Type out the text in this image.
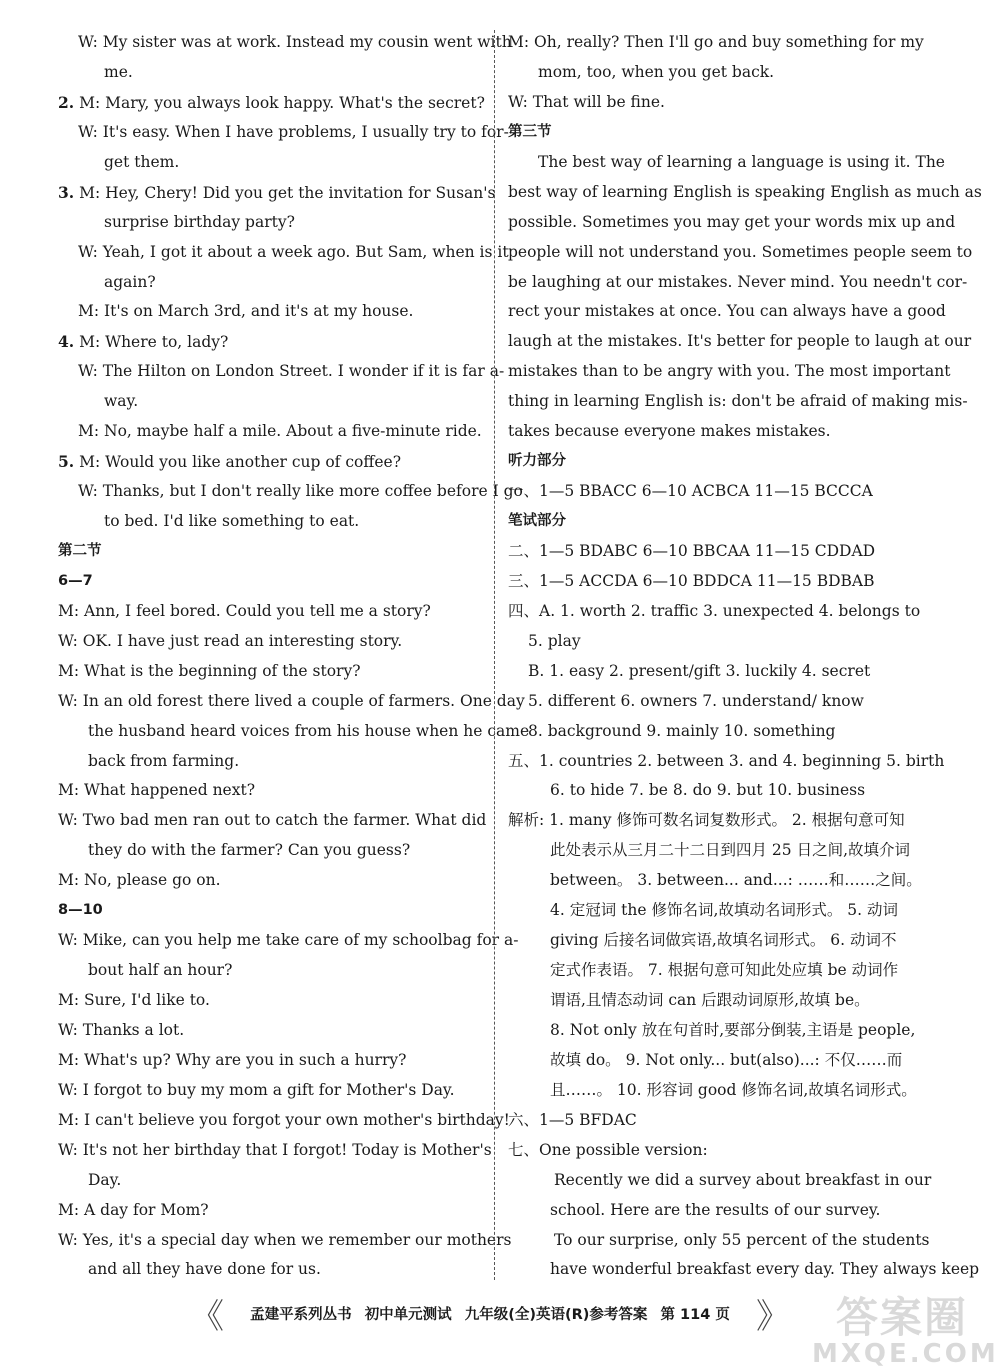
W: My sister was at work. Instead my cousin went with
me.
2. M: Mary, you always look happy. What's the secret?
W: It's easy. When I have problems, I usually try to for-
get them.
3. M: Hey, Chery! Did you get the invitation for Susan's
surprise birthday party?
W: Yeah, I got it about a week ago. But Sam, when is it
again?
M: It's on March 3rd, and it's at my house.
4. M: Where to, lady?
W: The Hilton on London Street. I wonder if it is far a-
way.
M: No, maybe half a mile. About a five-minute ride.
5. M: Would you like another cup of coffee?
W: Thanks, but I don't really like more coffee before I go
to bed. I'd like something to eat.
第二节
6—7
M: Ann, I feel bored. Could you tell me a story?
W: OK. I have just read an interesting story.
M: What is the beginning of the story?
W: In an old forest there lived a couple of farmers. One day
the husband heard voices from his house when he came
back from farming.
M: What happened next?
W: Two bad men ran out to catch the farmer. What did
they do with the farmer? Can you guess?
M: No, please go on.
8—10
W: Mike, can you help me take care of my schoolbag for a-
bout half an hour?
M: Sure, I'd like to.
W: Thanks a lot.
M: What's up? Why are you in such a hurry?
W: I forgot to buy my mom a gift for Mother's Day.
M: I can't believe you forgot your own mother's birthday!
W: It's not her birthday that I forgot! Today is Mother's
Day.
M: A day for Mom?
W: Yes, it's a special day when we remember our mothers
and all they have done for us.
M: Oh, really? Then I'll go and buy something for my
mom, too, when you get back.
W: That will be fine.
第三节
The best way of learning a language is using it. The
best way of learning English is speaking English as much as
possible. Sometimes you may get your words mix up and
people will not understand you. Sometimes people seem to
be laughing at our mistakes. Never mind. You needn't cor-
rect your mistakes at once. You can always have a good
laugh at the mistakes. It's better for people to laugh at our
mistakes than to be angry with you. The most important
thing in learning English is: don't be afraid of making mis-
takes because everyone makes mistakes.
听力部分
一、1—5 BBACC 6—10 ACBCA 11—15 BCCCA
笔试部分
二、1—5 BDABC 6—10 BBCAA 11—15 CDDAD
三、1—5 ACCDA 6—10 BDDCA 11—15 BDBAB
四、A. 1. worth 2. traffic 3. unexpected 4. belongs to
5. play
B. 1. easy 2. present/gift 3. luckily 4. secret
5. different 6. owners 7. understand/ know
8. background 9. mainly 10. something
五、1. countries 2. between 3. and 4. beginning 5. birth
6. to hide 7. be 8. do 9. but 10. business
解析: 1. many 修饰可数名词复数形式。 2. 根据句意可知
此处表示从三月二十二日到四月 25 日之间,故填介词
between。 3. between... and...: ……和……之间。
4. 定冠词 the 修饰名词,故填动名词形式。 5. 动词
giving 后接名词做宾语,故填名词形式。 6. 动词不
定式作表语。 7. 根据句意可知此处应填 be 动词作
谓语,且情态动词 can 后跟动词原形,故填 be。
8. Not only 放在句首时,要部分倒装,主语是 people,
故填 do。 9. Not only... but(also)...: 不仅……而
且……。 10. 形容词 good 修饰名词,故填名词形式。
六、1—5 BFDAC
七、One possible version:
Recently we did a survey about breakfast in our
school. Here are the results of our survey.
To our surprise, only 55 percent of the students
have wonderful breakfast every day. They always keep
《 孟建平系列丛书 初中单元测试 九年级(全)英语(R)参考答案 第 114 页 》	答案圈
MXQE.COM
